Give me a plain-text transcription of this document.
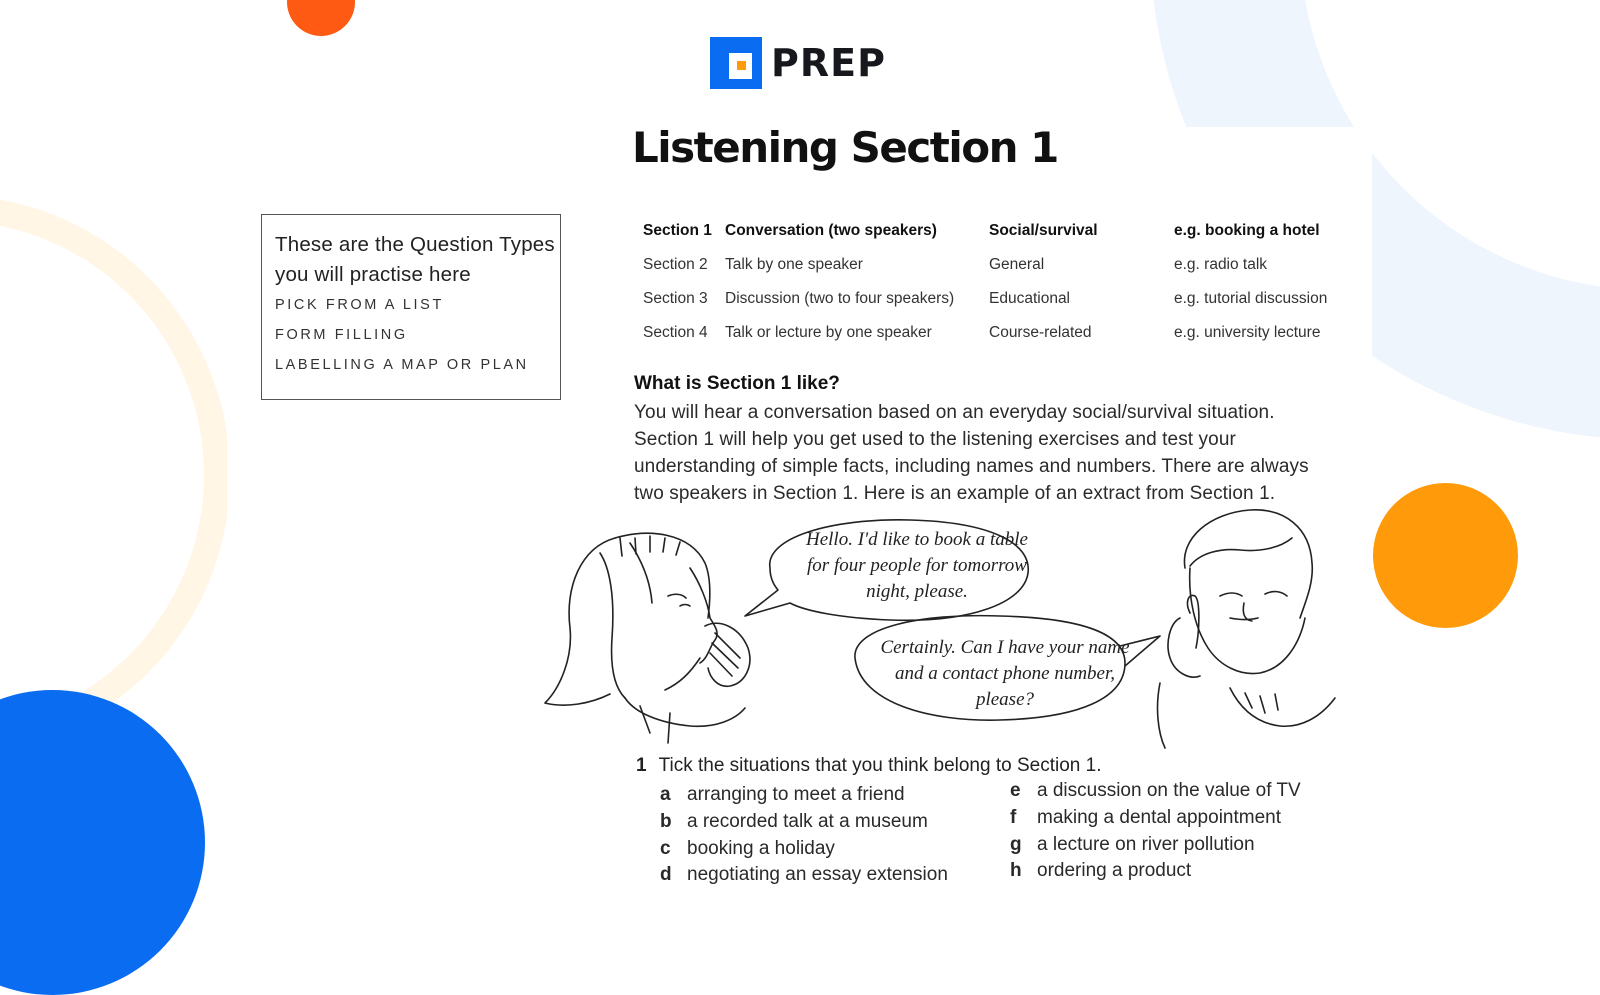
PREP
Listening Section 1
These are the Question Types you will practise here
PICK FROM A LIST
FORM FILLING
LABELLING A MAP OR PLAN
Section 1	Conversation (two speakers)	Social/survival	e.g. booking a hotel
Section 2	Talk by one speaker	General	e.g. radio talk
Section 3	Discussion (two to four speakers)	Educational	e.g. tutorial discussion
Section 4	Talk or lecture by one speaker	Course-related	e.g. university lecture
What is Section 1 like?
You will hear a conversation based on an everyday social/survival situation. Section 1 will help you get used to the listening exercises and test your understanding of simple facts, including names and numbers. There are always two speakers in Section 1. Here is an example of an extract from Section 1.
Hello. I'd like to book a table for four people for tomorrow night, please.
Certainly. Can I have your name and a contact phone number, please?
1 Tick the situations that you think belong to Section 1.
a arranging to meet a friend
b a recorded talk at a museum
c booking a holiday
d negotiating an essay extension
e a discussion on the value of TV
f making a dental appointment
g a lecture on river pollution
h ordering a product
